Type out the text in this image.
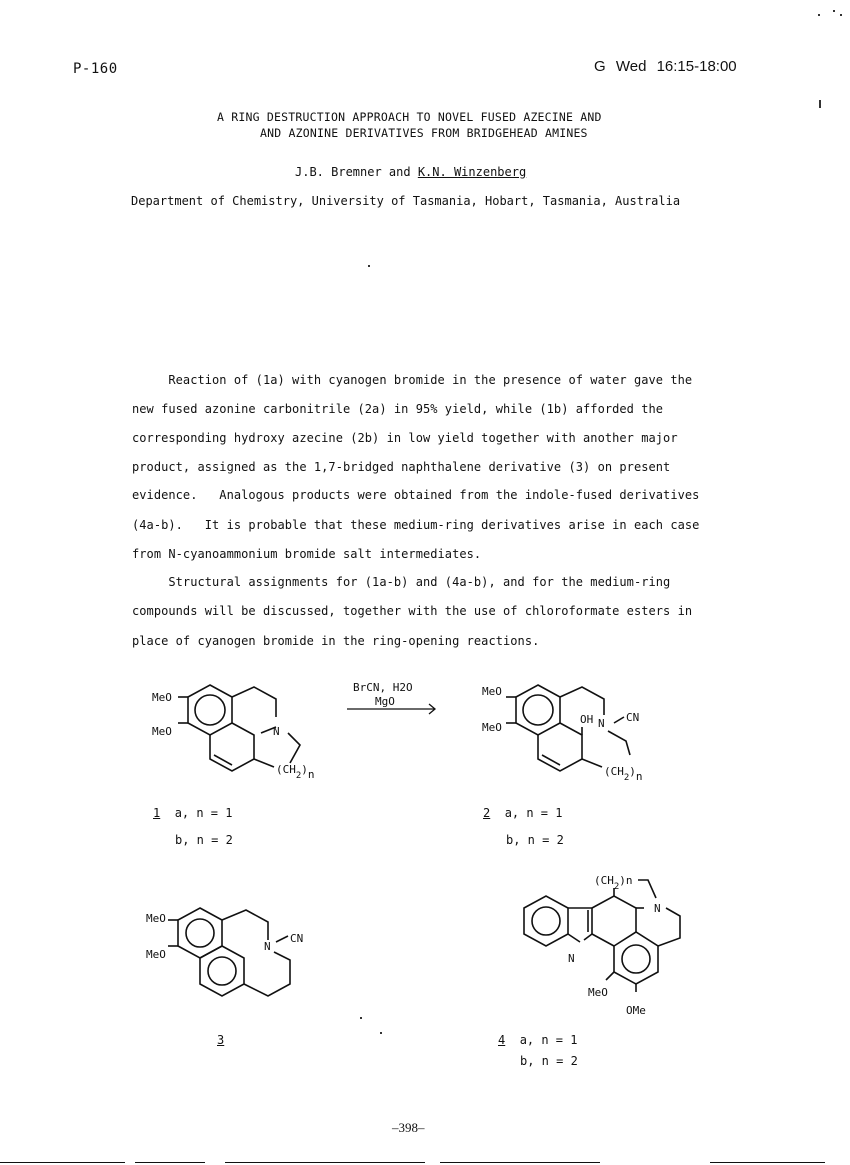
P-160	G Wed 16:15-18:00
A RING DESTRUCTION APPROACH TO NOVEL FUSED AZECINE AND
AND AZONINE DERIVATIVES FROM BRIDGEHEAD AMINES
J.B. Bremner and K.N. Winzenberg
Department of Chemistry, University of Tasmania, Hobart, Tasmania, Australia
Reaction of (1a) with cyanogen bromide in the presence of water gave the
new fused azonine carbonitrile (2a) in 95% yield, while (1b) afforded the
corresponding hydroxy azecine (2b) in low yield together with another major
product, assigned as the 1,7-bridged naphthalene derivative (3) on present
evidence.   Analogous products were obtained from the indole-fused derivatives
(4a-b).   It is probable that these medium-ring derivatives arise in each case
from N-cyanoammonium bromide salt intermediates.
Structural assignments for (1a-b) and (4a-b), and for the medium-ring
compounds will be discussed, together with the use of chloroformate esters in
place of cyanogen bromide in the ring-opening reactions.
MeO
MeO	N
$(CH_2)n$
BrCN, H2O
MgO
1 a, n = 1
b, n = 2
MeO
MeO
OH N CN
$(CH_2)n$
2 a, n = 1
b, n = 2
MeO
MeO
N
CN
3
$(CH_2)n$
N
N
MeO
OMe
4 a, n = 1
b, n = 2
–398–
